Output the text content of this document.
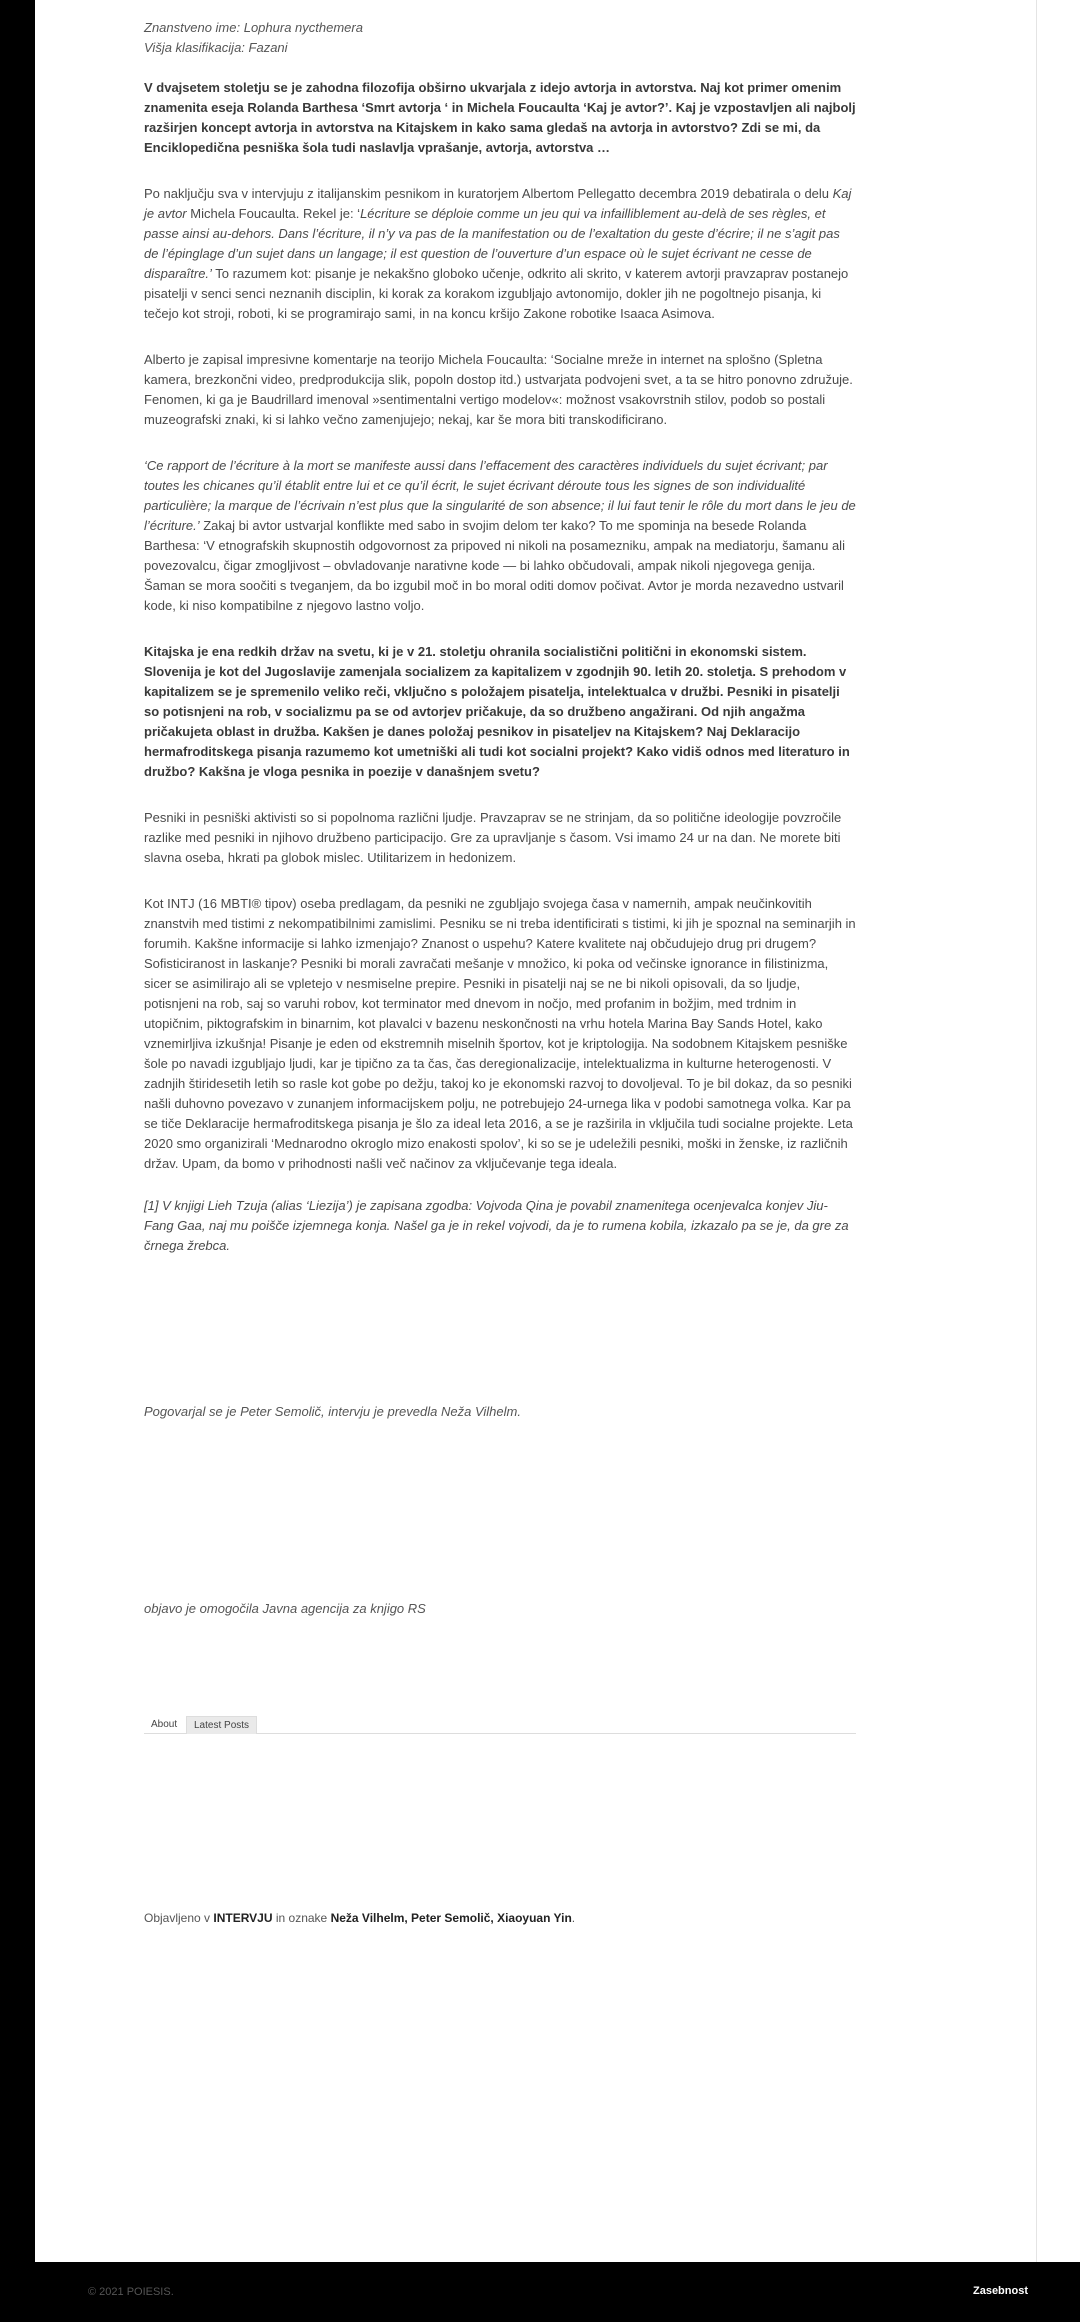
Znanstveno ime: Lophura nycthemera
Višja klasifikacija: Fazani

V dvajsetem stoletju se je zahodna filozofija obširno ukvarjala z idejo avtorja in avtorstva. Naj kot primer omenim znamenita eseja Rolanda Barthesa ‘Smrt avtorja ‘ in Michela Foucaulta ‘Kaj je avtor?’. Kaj je vzpostavljen ali najbolj razširjen koncept avtorja in avtorstva na Kitajskem in kako sama gledaš na avtorja in avtorstvo? Zdi se mi, da Enciklopedična pesniška šola tudi naslavlja vprašanje, avtorja, avtorstva …

Po naključju sva v intervjuju z italijanskim pesnikom in kuratorjem Albertom Pellegatto decembra 2019 debatirala o delu Kaj je avtor Michela Foucaulta. Rekel je: ‘Lécriture se déploie comme un jeu qui va infailliblement au-delà de ses règles, et passe ainsi au-dehors. Dans l’écriture, il n’y va pas de la manifestation ou de l’exaltation du geste d’écrire; il ne s’agit pas de l’épinglage d’un sujet dans un langage; il est question de l’ouverture d’un espace où le sujet écrivant ne cesse de disparaître.’ To razumem kot: pisanje je nekakšno globoko učenje, odkrito ali skrito, v katerem avtorji pravzaprav postanejo pisatelji v senci senci neznanih disciplin, ki korak za korakom izgubljajo avtonomijo, dokler jih ne pogoltnejo pisanja, ki tečejo kot stroji, roboti, ki se programirajo sami, in na koncu kršijo Zakone robotike Isaaca Asimova.

Alberto je zapisal impresivne komentarje na teorijo Michela Foucaulta: ‘Socialne mreže in internet na splošno (Spletna kamera, brezkončni video, predprodukcija slik, popoln dostop itd.) ustvarjata podvojeni svet, a ta se hitro ponovno združuje. Fenomen, ki ga je Baudrillard imenoval »sentimentalni vertigo modelov«: možnost vsakovrstnih stilov, podob so postali muzeografski znaki, ki si lahko večno zamenjujejo; nekaj, kar še mora biti transkodificirano.

‘Ce rapport de l’écriture à la mort se manifeste aussi dans l’effacement des caractères individuels du sujet écrivant; par toutes les chicanes qu’il établit entre lui et ce qu’il écrit, le sujet écrivant déroute tous les signes de son individualité particulière; la marque de l’écrivain n’est plus que la singularité de son absence; il lui faut tenir le rôle du mort dans le jeu de l’écriture.’ Zakaj bi avtor ustvarjal konflikte med sabo in svojim delom ter kako? To me spominja na besede Rolanda Barthesa: ‘V etnografskih skupnostih odgovornost za pripoved ni nikoli na posamezniku, ampak na mediatorju, šamanu ali povezovalcu, čigar zmogljivost – obvladovanje narativne kode — bi lahko občudovali, ampak nikoli njegovega genija. Šaman se mora soočiti s tveganjem, da bo izgubil moč in bo moral oditi domov počivat. Avtor je morda nezavedno ustvaril kode, ki niso kompatibilne z njegovo lastno voljo.

Kitajska je ena redkih držav na svetu, ki je v 21. stoletju ohranila socialistični politični in ekonomski sistem. Slovenija je kot del Jugoslavije zamenjala socializem za kapitalizem v zgodnjih 90. letih 20. stoletja. S prehodom v kapitalizem se je spremenilo veliko reči, vključno s položajem pisatelja, intelektualca v družbi. Pesniki in pisatelji so potisnjeni na rob, v socializmu pa se od avtorjev pričakuje, da so družbeno angažirani. Od njih angažma pričakujeta oblast in družba. Kakšen je danes položaj pesnikov in pisateljev na Kitajskem? Naj Deklaracijo hermafroditskega pisanja razumemo kot umetniški ali tudi kot socialni projekt? Kako vidiš odnos med literaturo in družbo? Kakšna je vloga pesnika in poezije v današnjem svetu?

Pesniki in pesniški aktivisti so si popolnoma različni ljudje. Pravzaprav se ne strinjam, da so politične ideologije povzročile razlike med pesniki in njihovo družbeno participacijo. Gre za upravljanje s časom. Vsi imamo 24 ur na dan. Ne morete biti slavna oseba, hkrati pa globok mislec. Utilitarizem in hedonizem.

Kot INTJ (16 MBTI® tipov) oseba predlagam, da pesniki ne zgubljajo svojega časa v namernih, ampak neučinkovitih znanstvih med tistimi z nekompatibilnimi zamislimi. Pesniku se ni treba identificirati s tistimi, ki jih je spoznal na seminarjih in forumih. Kakšne informacije si lahko izmenjajo? Znanost o uspehu? Katere kvalitete naj občudujejo drug pri drugem? Sofisticiranost in laskanje? Pesniki bi morali zavračati mešanje v množico, ki poka od večinske ignorance in filistinizma, sicer se asimilirajo ali se vpletejo v nesmiselne prepire. Pesniki in pisatelji naj se ne bi nikoli opisovali, da so ljudje, potisnjeni na rob, saj so varuhi robov, kot terminator med dnevom in nočjo, med profanim in božjim, med trdnim in utopičnim, piktografskim in binarnim, kot plavalci v bazenu neskončnosti na vrhu hotela Marina Bay Sands Hotel, kako vznemirljiva izkušnja! Pisanje je eden od ekstremnih miselnih športov, kot je kriptologija. Na sodobnem Kitajskem pesniške šole po navadi izgubljajo ljudi, kar je tipično za ta čas, čas deregionalizacije, intelektualizma in kulturne heterogenosti. V zadnjih štiridesetih letih so rasle kot gobe po dežju, takoj ko je ekonomski razvoj to dovoljeval. To je bil dokaz, da so pesniki našli duhovno povezavo v zunanjem informacijskem polju, ne potrebujejo 24-urnega lika v podobi samotnega volka. Kar pa se tiče Deklaracije hermafroditskega pisanja je šlo za ideal leta 2016, a se je razširila in vključila tudi socialne projekte. Leta 2020 smo organizirali ‘Mednarodno okroglo mizo enakosti spolov’, ki so se je udeležili pesniki, moški in ženske, iz različnih držav. Upam, da bomo v prihodnosti našli več načinov za vključevanje tega ideala.

[1] V knjigi Lieh Tzuja (alias ‘Liezija’) je zapisana zgodba: Vojvoda Qina je povabil znamenitega ocenjevalca konjev Jiu-Fang Gaa, naj mu poišče izjemnega konja. Našel ga je in rekel vojvodi, da je to rumena kobila, izkazalo pa se je, da gre za črnega žrebca.

Pogovarjal se je Peter Semolič, intervju je prevedla Neža Vilhelm.
objavo je omogočila Javna agencija za knjigo RS
About	Latest Posts
Objavljeno v INTERVJU in oznake Neža Vilhelm, Peter Semolič, Xiaoyuan Yin.
© 2021 POIESIS.	Zasebnost
